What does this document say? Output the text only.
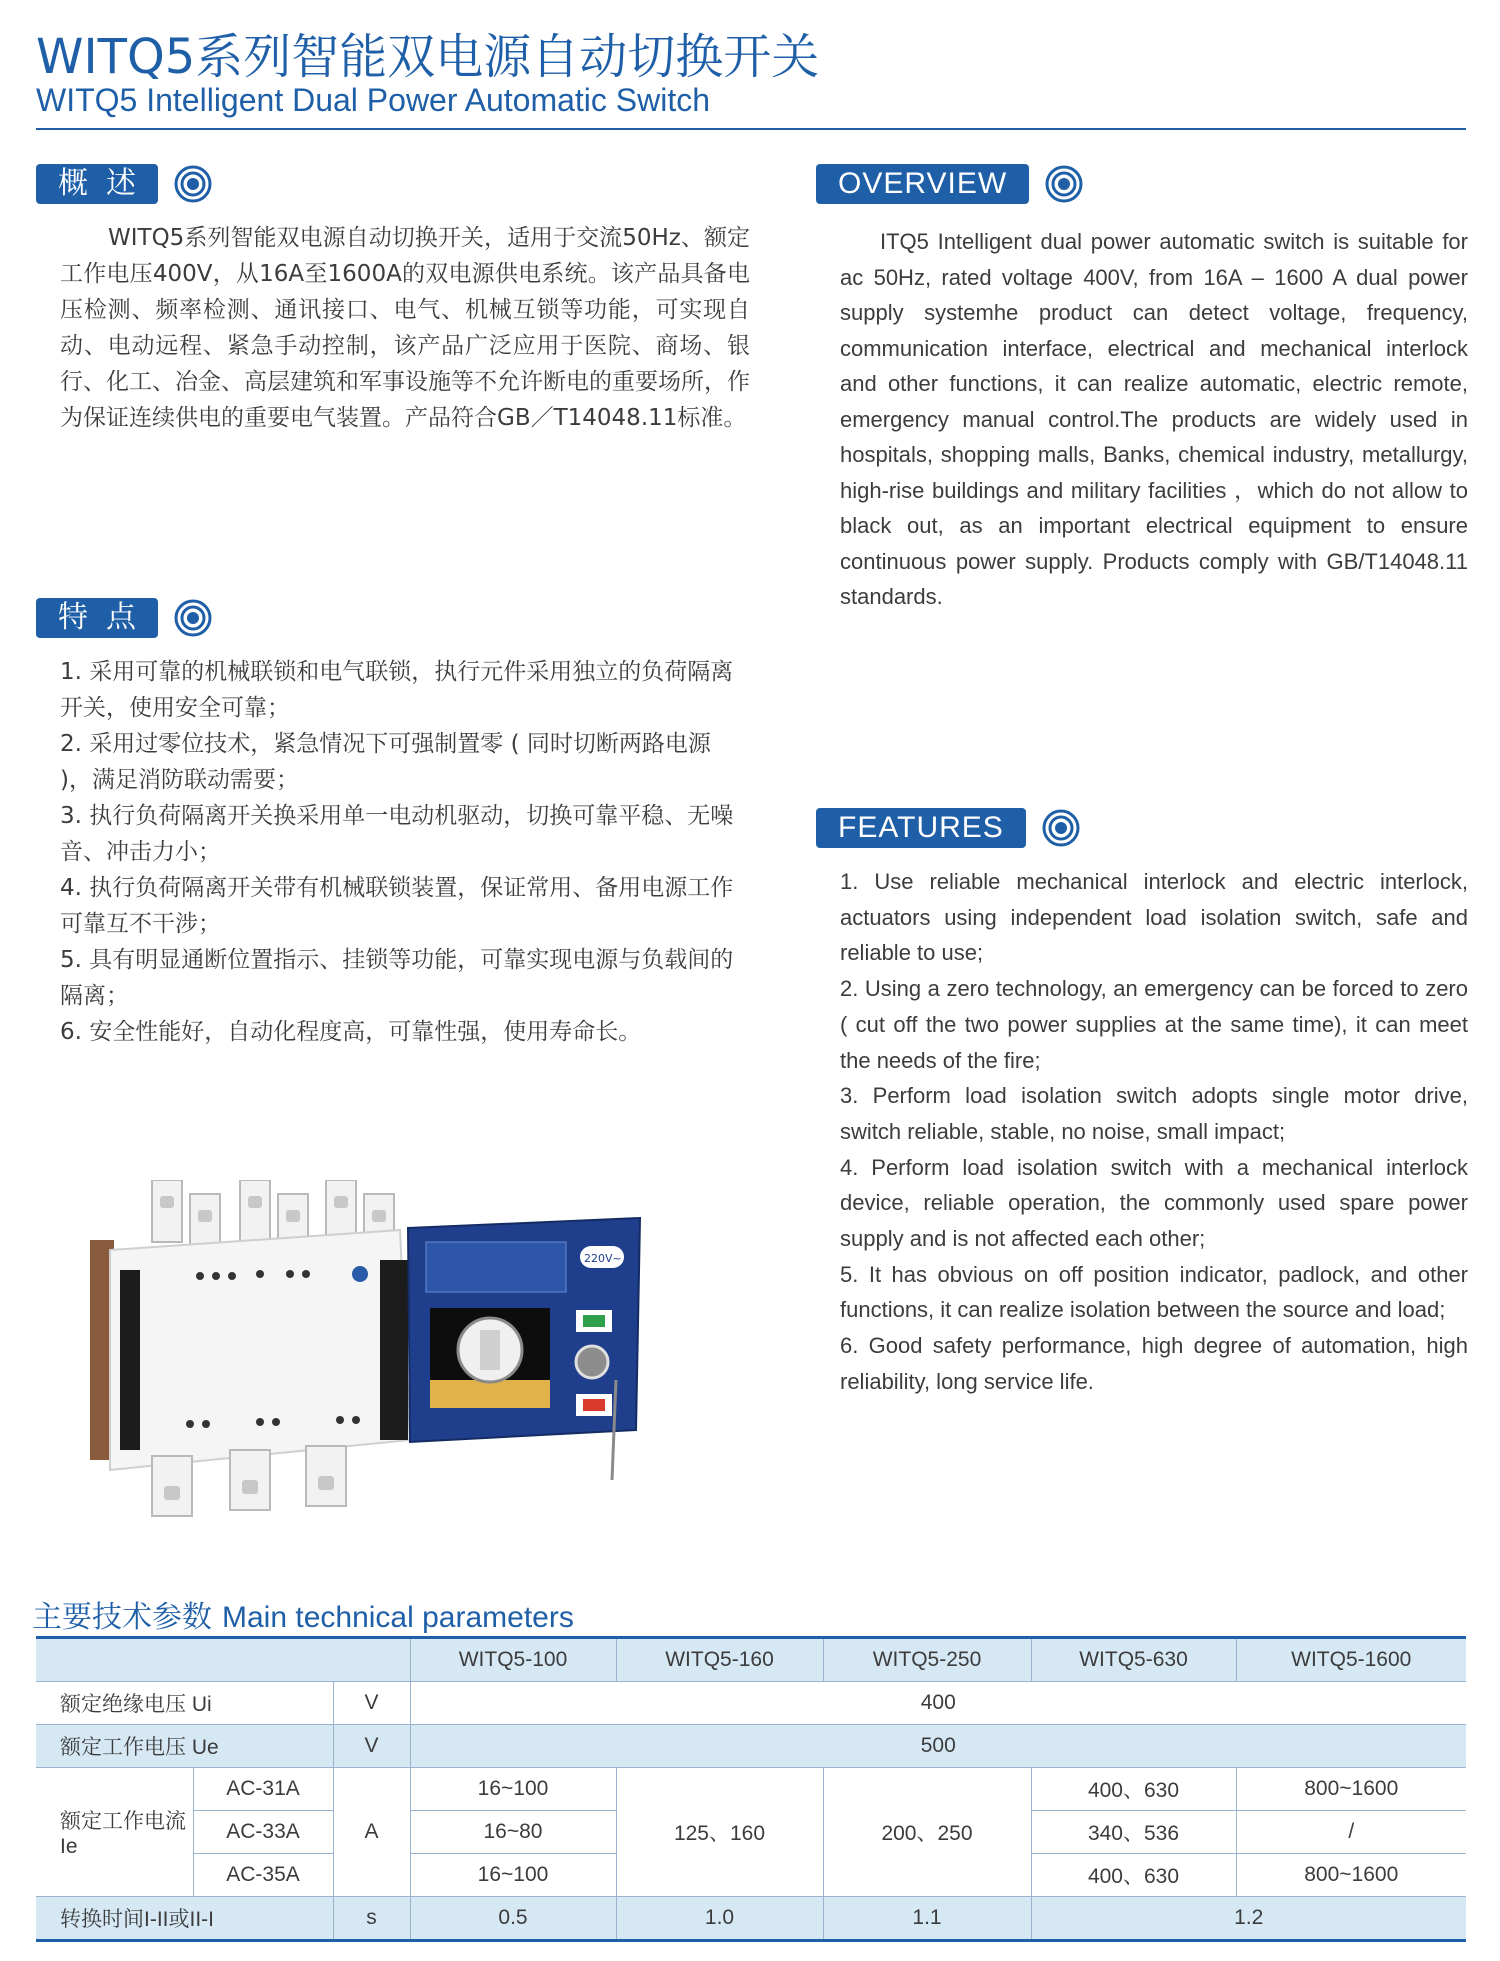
WITQ5系列智能双电源自动切换开关
WITQ5 Intelligent Dual Power Automatic Switch
概述
WITQ5系列智能双电源自动切换开关，适用于交流50Hz、额定工作电压400V，从16A至1600A的双电源供电系统。该产品具备电压检测、频率检测、通讯接口、电气、机械互锁等功能，可实现自动、电动远程、紧急手动控制，该产品广泛应用于医院、商场、银行、化工、冶金、高层建筑和军事设施等不允许断电的重要场所，作为保证连续供电的重要电气装置。产品符合GB／T14048.11标准。
特点
1. 采用可靠的机械联锁和电气联锁，执行元件采用独立的负荷隔离开关，使用安全可靠；
2. 采用过零位技术，紧急情况下可强制置零 ( 同时切断两路电源 )，满足消防联动需要；
3. 执行负荷隔离开关换采用单一电动机驱动，切换可靠平稳、无噪音、冲击力小；
4. 执行负荷隔离开关带有机械联锁装置，保证常用、备用电源工作可靠互不干涉；
5. 具有明显通断位置指示、挂锁等功能，可靠实现电源与负载间的隔离；
6. 安全性能好，自动化程度高，可靠性强，使用寿命长。
OVERVIEW
ITQ5 Intelligent dual power automatic switch is suitable for ac 50Hz, rated voltage 400V, from 16A – 1600 A dual power supply systemhe product can detect voltage, frequency, communication interface, electrical and mechanical interlock and other functions, it can realize automatic, electric remote, emergency manual control.The products are widely used in hospitals, shopping malls, Banks, chemical industry, metallurgy, high-rise buildings and military facilities ，which do not allow to black out, as an important electrical equipment to ensure continuous power supply. Products comply with GB/T14048.11 standards.
FEATURES
1. Use reliable mechanical interlock and electric interlock, actuators using independent load isolation switch, safe and reliable to use;
2. Using a zero technology, an emergency can be forced to zero ( cut off the two power supplies at the same time), it can meet the needs of the fire;
3. Perform load isolation switch adopts single motor drive, switch reliable, stable, no noise, small impact;
4. Perform load isolation switch with a mechanical interlock device, reliable operation, the commonly used spare power supply and is not affected each other;
5. It has obvious on off position indicator, padlock, and other functions, it can realize isolation between the source and load;
6. Good safety performance, high degree of automation, high reliability, long service life.
220V~
主要技术参数 Main technical parameters
			WITQ5-100	WITQ5-160	WITQ5-250	WITQ5-630	WITQ5-1600
额定绝缘电压 Ui		V	400				
额定工作电压 Ue		V	500				
额定工作电流 Ie	AC-31A	A	16~100	125、160	200、250	400、630	800~1600
	AC-33A		16~80			340、536	/
	AC-35A		16~100			400、630	800~1600
转换时间I-II或II-I		s	0.5	1.0	1.1	1.2	
